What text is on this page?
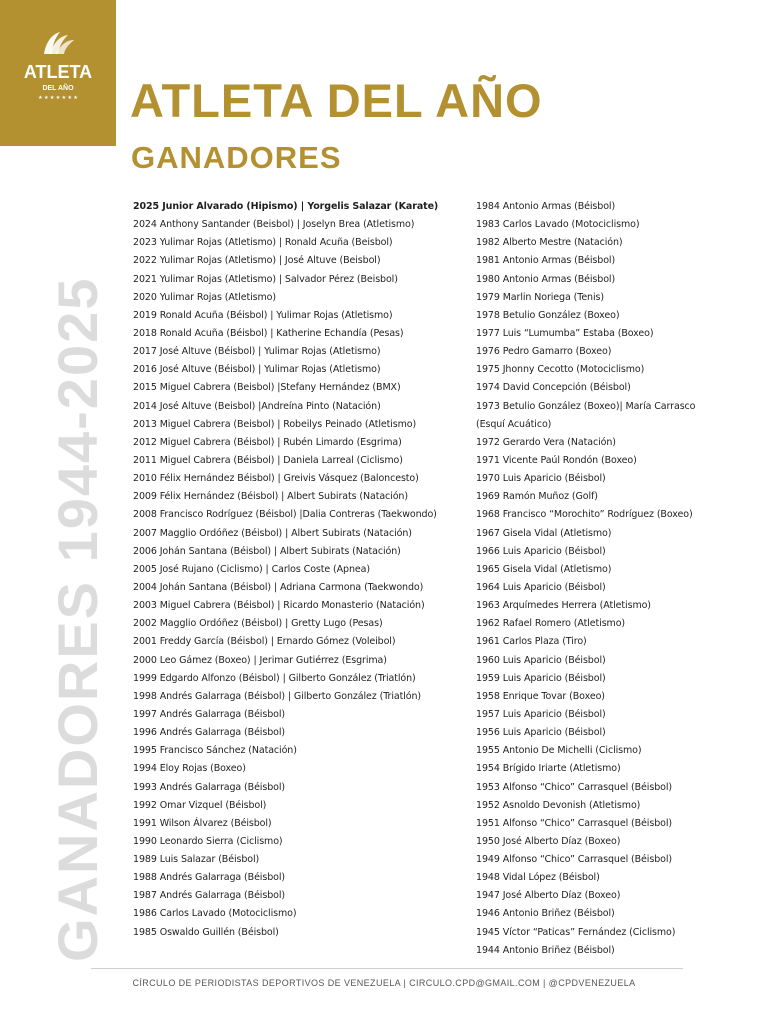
ATLETA
DEL AÑO
★ ★ ★ ★ ★ ★ ★ ATLETA DEL AÑO
GANADORES
GANADORES 1944-2025
2025 Junior Alvarado (Hipismo) | Yorgelis Salazar (Karate)
2024 Anthony Santander (Beisbol) | Joselyn Brea (Atletismo)
2023 Yulimar Rojas (Atletismo) | Ronald Acuña (Beisbol)
2022 Yulimar Rojas (Atletismo) | José Altuve (Beisbol)
2021 Yulimar Rojas (Atletismo) | Salvador Pérez (Beisbol)
2020 Yulimar Rojas (Atletismo)
2019 Ronald Acuña (Béisbol) | Yulimar Rojas (Atletismo)
2018 Ronald Acuña (Béisbol) | Katherine Echandía (Pesas)
2017 José Altuve (Béisbol) | Yulimar Rojas (Atletismo)
2016 José Altuve (Béisbol) | Yulimar Rojas (Atletismo)
2015 Miguel Cabrera (Beisbol) |Stefany Hernández (BMX)
2014 José Altuve (Beisbol) |Andreína Pinto (Natación)
2013 Miguel Cabrera (Beisbol) | Robeilys Peinado (Atletismo)
2012 Miguel Cabrera (Béisbol) | Rubén Limardo (Esgrima)
2011 Miguel Cabrera (Béisbol) | Daniela Larreal (Ciclismo)
2010 Félix Hernández Béisbol) | Greivis Vásquez (Baloncesto)
2009 Félix Hernández (Béisbol) | Albert Subirats (Natación)
2008 Francisco Rodríguez (Béisbol) |Dalia Contreras (Taekwondo)
2007 Magglio Ordóñez (Béisbol) | Albert Subirats (Natación)
2006 Johán Santana (Béisbol) | Albert Subirats (Natación)
2005 José Rujano (Ciclismo) | Carlos Coste (Apnea)
2004 Johán Santana (Béisbol) | Adriana Carmona (Taekwondo)
2003 Miguel Cabrera (Béisbol) | Ricardo Monasterio (Natación)
2002 Magglio Ordóñez (Béisbol) | Gretty Lugo (Pesas)
2001 Freddy García (Béisbol) | Ernardo Gómez (Voleibol)
2000 Leo Gámez (Boxeo) | Jerimar Gutiérrez (Esgrima)
1999 Edgardo Alfonzo (Béisbol) | Gilberto González (Triatlón)
1998 Andrés Galarraga (Béisbol) | Gilberto González (Triatlón)
1997 Andrés Galarraga (Béisbol)
1996 Andrés Galarraga (Béisbol)
1995 Francisco Sánchez (Natación)
1994 Eloy Rojas (Boxeo)
1993 Andrés Galarraga (Béisbol)
1992 Omar Vizquel (Béisbol)
1991 Wilson Álvarez (Béisbol)
1990 Leonardo Sierra (Ciclismo)
1989 Luis Salazar (Béisbol)
1988 Andrés Galarraga (Béisbol)
1987 Andrés Galarraga (Béisbol)
1986 Carlos Lavado (Motociclismo)
1985 Oswaldo Guillén (Béisbol)
1984 Antonio Armas (Béisbol)
1983 Carlos Lavado (Motociclismo)
1982 Alberto Mestre (Natación)
1981 Antonio Armas (Béisbol)
1980 Antonio Armas (Béisbol)
1979 Marlin Noriega (Tenis)
1978 Betulio González (Boxeo)
1977 Luis “Lumumba” Estaba (Boxeo)
1976 Pedro Gamarro (Boxeo)
1975 Jhonny Cecotto (Motociclismo)
1974 David Concepción (Béisbol)
1973 Betulio González (Boxeo)| María Carrasco
(Esquí Acuático)
1972 Gerardo Vera (Natación)
1971 Vicente Paúl Rondón (Boxeo)
1970 Luis Aparicio (Béisbol)
1969 Ramón Muñoz (Golf)
1968 Francisco “Morochito” Rodríguez (Boxeo)
1967 Gisela Vidal (Atletismo)
1966 Luis Aparicio (Béisbol)
1965 Gisela Vidal (Atletismo)
1964 Luis Aparicio (Béisbol)
1963 Arquímedes Herrera (Atletismo)
1962 Rafael Romero (Atletismo)
1961 Carlos Plaza (Tiro)
1960 Luis Aparicio (Béisbol)
1959 Luis Aparicio (Béisbol)
1958 Enrique Tovar (Boxeo)
1957 Luis Aparicio (Béisbol)
1956 Luis Aparicio (Béisbol)
1955 Antonio De Michelli (Ciclismo)
1954 Brígido Iriarte (Atletismo)
1953 Alfonso “Chico” Carrasquel (Béisbol)
1952 Asnoldo Devonish (Atletismo)
1951 Alfonso “Chico” Carrasquel (Béisbol)
1950 José Alberto Díaz (Boxeo)
1949 Alfonso “Chico” Carrasquel (Béisbol)
1948 Vidal López (Béisbol)
1947 José Alberto Díaz (Boxeo)
1946 Antonio Briñez (Béisbol)
1945 Víctor “Paticas” Fernández (Ciclismo)
1944 Antonio Briñez (Béisbol)
CÍRCULO DE PERIODISTAS DEPORTIVOS DE VENEZUELA | CIRCULO.CPD@GMAIL.COM | @CPDVENEZUELA
